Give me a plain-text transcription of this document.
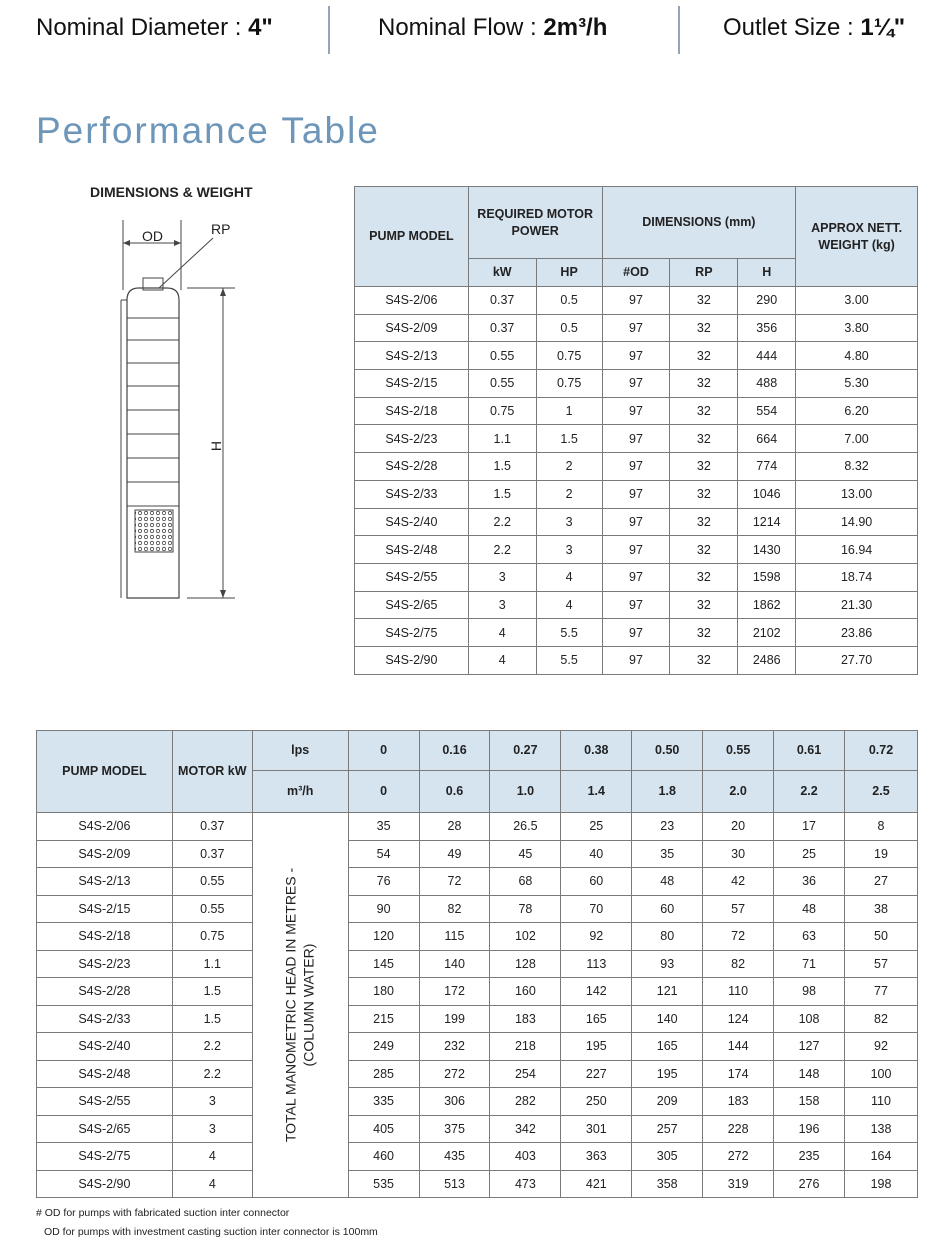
Nominal Diameter : 4"	Nominal Flow : 2m³/h	Outlet Size : 1¼"
Performance Table
DIMENSIONS & WEIGHT
OD	RP
H
PUMP MODEL	REQUIRED MOTOR POWER		DIMENSIONS (mm)			APPROX NETT. WEIGHT (kg)
	kW	HP	#OD	RP	H	
S4S-2/06	0.37	0.5	97	32	290	3.00
S4S-2/09	0.37	0.5	97	32	356	3.80
S4S-2/13	0.55	0.75	97	32	444	4.80
S4S-2/15	0.55	0.75	97	32	488	5.30
S4S-2/18	0.75	1	97	32	554	6.20
S4S-2/23	1.1	1.5	97	32	664	7.00
S4S-2/28	1.5	2	97	32	774	8.32
S4S-2/33	1.5	2	97	32	1046	13.00
S4S-2/40	2.2	3	97	32	1214	14.90
S4S-2/48	2.2	3	97	32	1430	16.94
S4S-2/55	3	4	97	32	1598	18.74
S4S-2/65	3	4	97	32	1862	21.30
S4S-2/75	4	5.5	97	32	2102	23.86
S4S-2/90	4	5.5	97	32	2486	27.70
PUMP MODEL	MOTOR kW	lps	0	0.16	0.27	0.38	0.50	0.55	0.61	0.72
		m³/h	0	0.6	1.0	1.4	1.8	2.0	2.2	2.5
S4S-2/06	0.37	TOTAL MANOMETRIC HEAD IN METRES - (COLUMN WATER)	35	28	26.5	25	23	20	17	8
S4S-2/09	0.37		54	49	45	40	35	30	25	19
S4S-2/13	0.55		76	72	68	60	48	42	36	27
S4S-2/15	0.55		90	82	78	70	60	57	48	38
S4S-2/18	0.75		120	115	102	92	80	72	63	50
S4S-2/23	1.1		145	140	128	113	93	82	71	57
S4S-2/28	1.5		180	172	160	142	121	110	98	77
S4S-2/33	1.5		215	199	183	165	140	124	108	82
S4S-2/40	2.2		249	232	218	195	165	144	127	92
S4S-2/48	2.2		285	272	254	227	195	174	148	100
S4S-2/55	3		335	306	282	250	209	183	158	110
S4S-2/65	3		405	375	342	301	257	228	196	138
S4S-2/75	4		460	435	403	363	305	272	235	164
S4S-2/90	4		535	513	473	421	358	319	276	198
# OD for pumps with fabricated suction inter connector
OD for pumps with investment casting suction inter connector is 100mm
